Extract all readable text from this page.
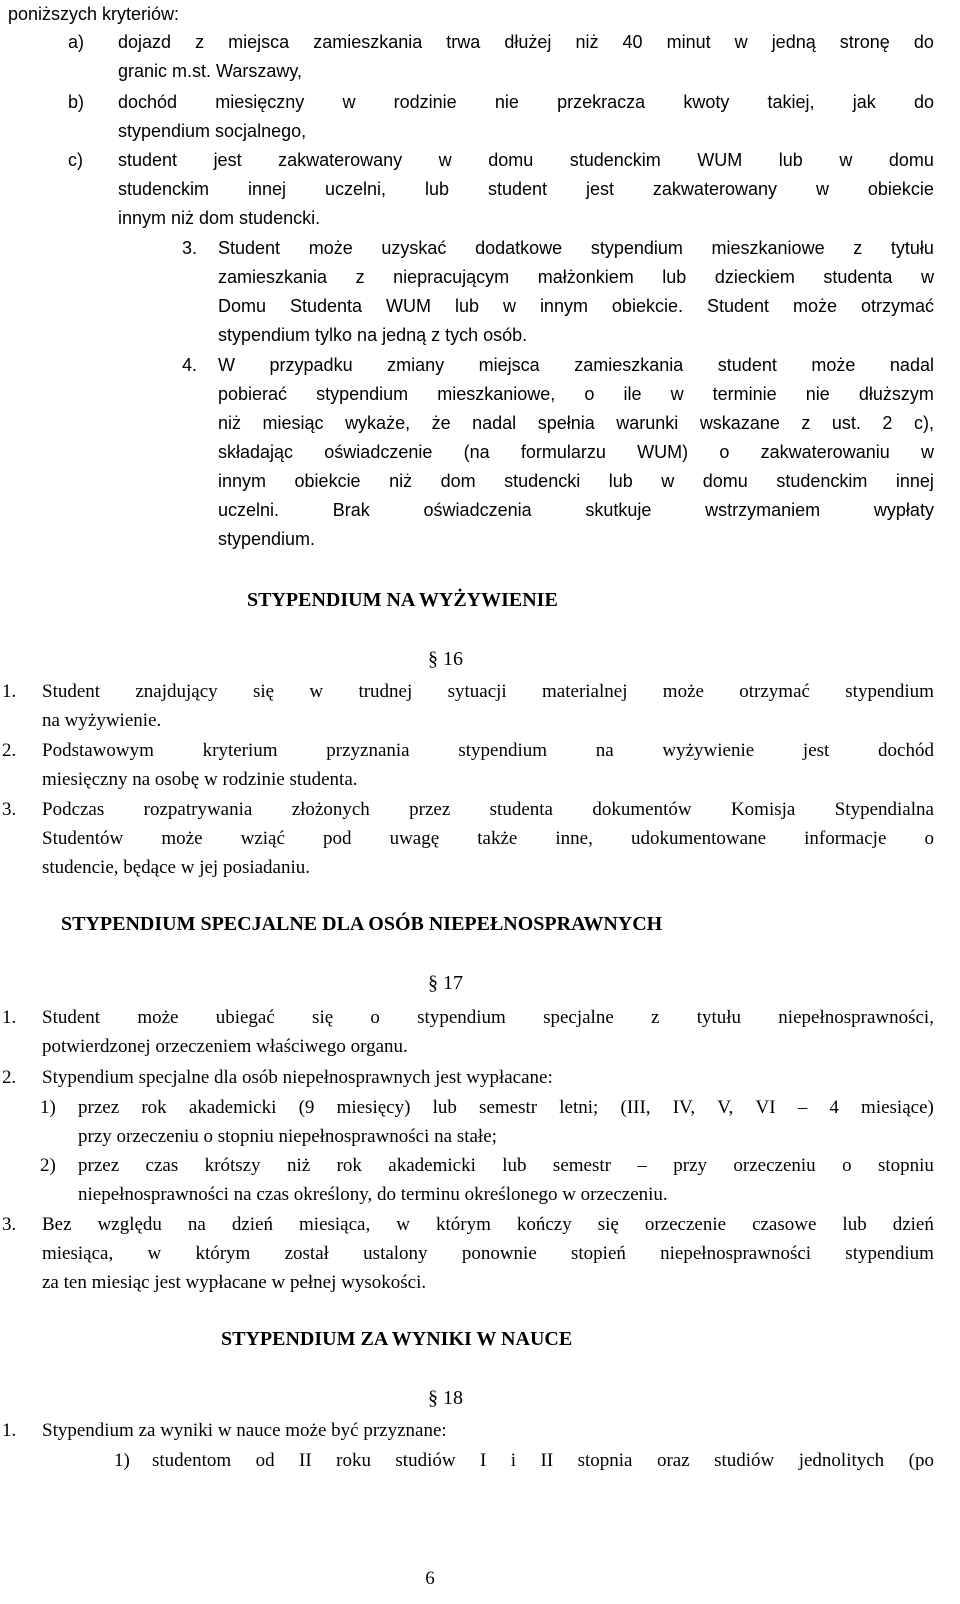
poniższych kryteriów:
a) dojazd z miejsca zamieszkania trwa dłużej niż 40 minut w jedną stronę do
granic m.st. Warszawy,
b) dochód miesięczny w rodzinie nie przekracza kwoty takiej, jak do
stypendium socjalnego,
c) student jest zakwaterowany w domu studenckim WUM lub w domu
studenckim innej uczelni, lub student jest zakwaterowany w obiekcie
innym niż dom studencki.
3. Student może uzyskać dodatkowe stypendium mieszkaniowe z tytułu
zamieszkania z niepracującym małżonkiem lub dzieckiem studenta w
Domu Studenta WUM lub w innym obiekcie. Student może otrzymać
stypendium tylko na jedną z tych osób.
4. W przypadku zmiany miejsca zamieszkania student może nadal
pobierać stypendium mieszkaniowe, o ile w terminie nie dłuższym
niż miesiąc wykaże, że nadal spełnia warunki wskazane z ust. 2 c),
składając oświadczenie (na formularzu WUM) o zakwaterowaniu w
innym obiekcie niż dom studencki lub w domu studenckim innej
uczelni.	Brak	oświadczenia	skutkuje	wstrzymaniem	wypłaty
stypendium.
STYPENDIUM NA WYŻYWIENIE
§ 16
1. Student znajdujący się w trudnej sytuacji materialnej może otrzymać stypendium
na wyżywienie.
2. Podstawowym	kryterium	przyznania	stypendium	na	wyżywienie	jest	dochód
miesięczny na osobę w rodzinie studenta.
3. Podczas rozpatrywania złożonych przez studenta dokumentów Komisja Stypendialna
Studentów może wziąć pod uwagę także inne, udokumentowane informacje o
studencie, będące w jej posiadaniu.
STYPENDIUM SPECJALNE DLA OSÓB NIEPEŁNOSPRAWNYCH
§ 17
1. Student może ubiegać się o stypendium specjalne z tytułu niepełnosprawności,
potwierdzonej orzeczeniem właściwego organu.
2. Stypendium specjalne dla osób niepełnosprawnych jest wypłacane:
1) przez rok akademicki (9 miesięcy) lub semestr letni; (III, IV, V, VI – 4 miesiące)
przy orzeczeniu o stopniu niepełnosprawności na stałe;
2) przez czas krótszy niż rok akademicki lub semestr – przy orzeczeniu o stopniu
niepełnosprawności na czas określony, do terminu określonego w orzeczeniu.
3. Bez względu na dzień miesiąca, w którym kończy się orzeczenie czasowe lub dzień
miesiąca, w którym został ustalony ponownie stopień niepełnosprawności stypendium
za ten miesiąc jest wypłacane w pełnej wysokości.
STYPENDIUM ZA WYNIKI W NAUCE
§ 18
1. Stypendium za wyniki w nauce może być przyznane:
1) studentom od II roku studiów I i II stopnia oraz studiów jednolitych (po
6
